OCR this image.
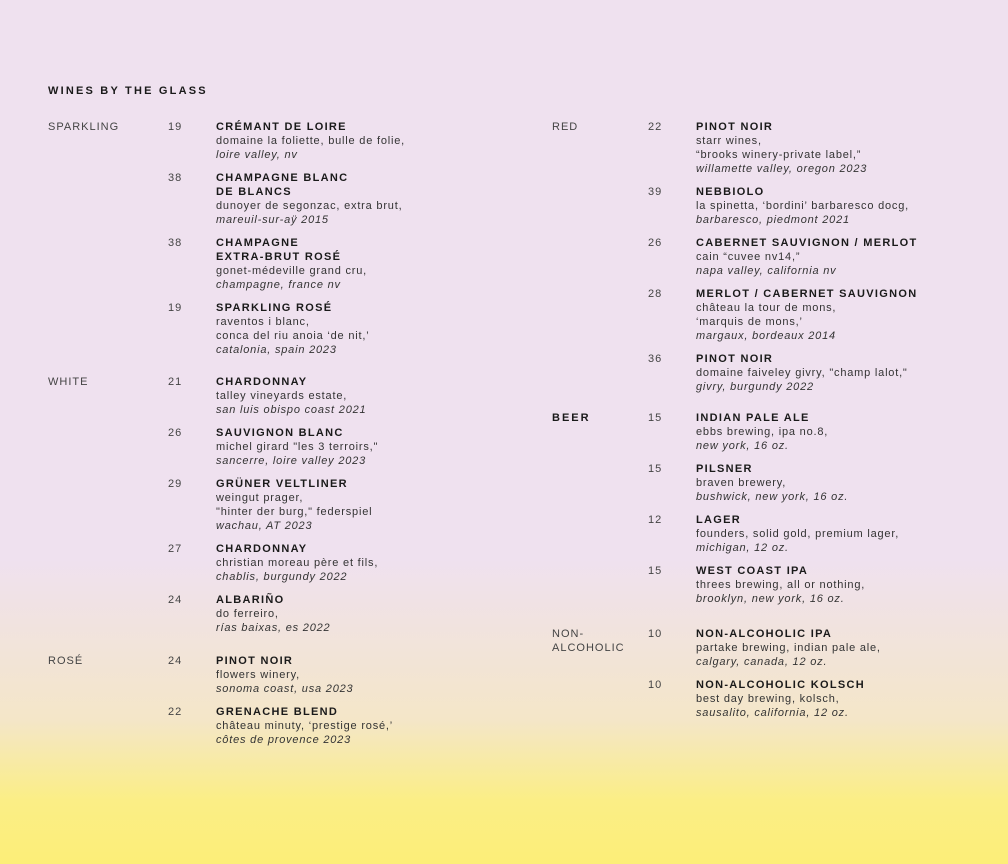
WINES BY THE GLASS
SPARKLING	19	CRÉMANT DE LOIRE
domaine la foliette, bulle de folie,
loire valley, nv
38	CHAMPAGNE BLANC
DE BLANCS
dunoyer de segonzac, extra brut,
mareuil-sur-aÿ 2015
38	CHAMPAGNE
EXTRA-BRUT ROSÉ
gonet-médeville grand cru,
champagne, france nv
19	SPARKLING ROSÉ
raventos i blanc,
conca del riu anoia ‘de nit,’
catalonia, spain 2023
WHITE	21	CHARDONNAY
talley vineyards estate,
san luis obispo coast 2021
26	SAUVIGNON BLANC
michel girard "les 3 terroirs,"
sancerre, loire valley 2023
29	GRÜNER VELTLINER
weingut prager,
"hinter der burg," federspiel
wachau, AT 2023
27	CHARDONNAY
christian moreau père et fils,
chablis, burgundy 2022
24	ALBARIÑO
do ferreiro,
rías baixas, es 2022
ROSÉ	24	PINOT NOIR
flowers winery,
sonoma coast, usa 2023
22	GRENACHE BLEND
château minuty, ‘prestige rosé,’
côtes de provence 2023
RED	22	PINOT NOIR
starr wines,
“brooks winery-private label,”
willamette valley, oregon 2023
39	NEBBIOLO
la spinetta, ‘bordini’ barbaresco docg,
barbaresco, piedmont 2021
26	CABERNET SAUVIGNON / MERLOT
cain “cuvee nv14,”
napa valley, california nv
28	MERLOT / CABERNET SAUVIGNON
château la tour de mons,
‘marquis de mons,’
margaux, bordeaux 2014
36	PINOT NOIR
domaine faiveley givry, "champ lalot,"
givry, burgundy 2022
BEER	15	INDIAN PALE ALE
ebbs brewing, ipa no.8,
new york, 16 oz.
15	PILSNER
braven brewery,
bushwick, new york, 16 oz.
12	LAGER
founders, solid gold, premium lager,
michigan, 12 oz.
15	WEST COAST IPA
threes brewing, all or nothing,
brooklyn, new york, 16 oz.
NON-
ALCOHOLIC
10	NON-ALCOHOLIC IPA
partake brewing, indian pale ale,
calgary, canada, 12 oz.
10	NON-ALCOHOLIC KOLSCH
best day brewing, kolsch,
sausalito, california, 12 oz.
